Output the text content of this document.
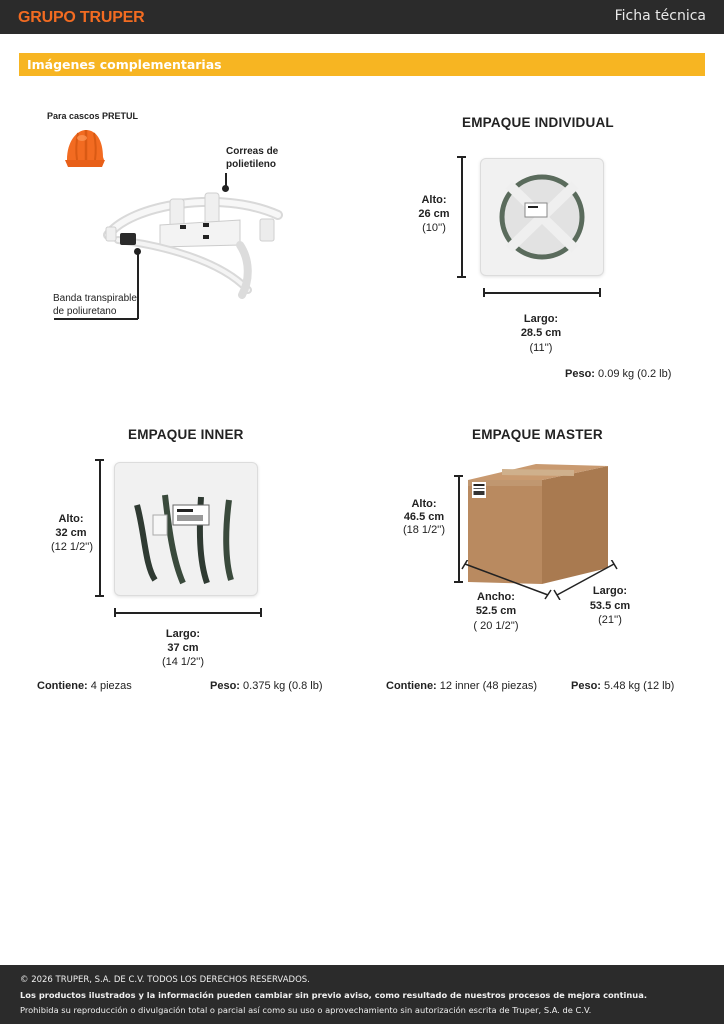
GRUPO TRUPER	Ficha técnica
Imágenes complementarias
Para cascos PRETUL
Correas de
polietileno
Banda transpirable
de poliuretano
EMPAQUE INDIVIDUAL
Alto:
26 cm
(10'')
Largo:
28.5 cm
(11'')
Peso: 0.09 kg (0.2 lb)
EMPAQUE INNER
Alto:
32 cm
(12 1/2'')
Largo:
37 cm
(14 1/2'')
Contiene: 4 piezas	Peso: 0.375 kg (0.8 lb)
EMPAQUE MASTER
Alto:
46.5 cm
(18 1/2'')
Ancho:
52.5 cm
( 20 1/2'')
Largo:
53.5 cm
(21'')
Contiene: 12 inner (48 piezas)	Peso: 5.48 kg (12 lb)
© 2026 TRUPER, S.A. DE C.V. TODOS LOS DERECHOS RESERVADOS.
Los productos ilustrados y la información pueden cambiar sin previo aviso, como resultado de nuestros procesos de mejora continua.
Prohibida su reproducción o divulgación total o parcial así como su uso o aprovechamiento sin autorización escrita de Truper, S.A. de C.V.
